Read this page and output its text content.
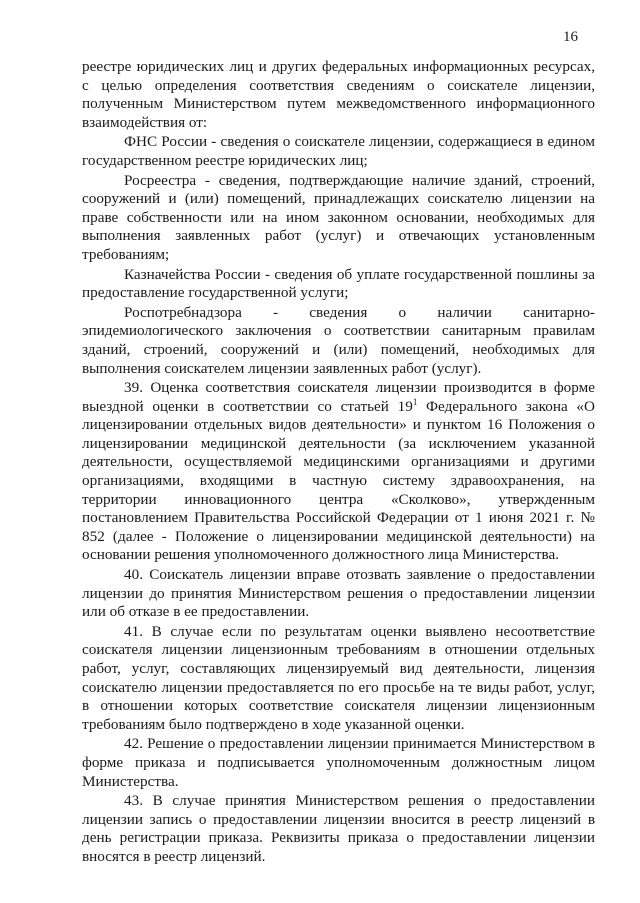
16

реестре юридических лиц и других федеральных информационных ресурсах, с целью определения соответствия сведениям о соискателе лицензии, полученным Министерством путем межведомственного информационного взаимодействия от:

ФНС России - сведения о соискателе лицензии, содержащиеся в едином государственном реестре юридических лиц;

Росреестра - сведения, подтверждающие наличие зданий, строений, сооружений и (или) помещений, принадлежащих соискателю лицензии на праве собственности или на ином законном основании, необходимых для выполнения заявленных работ (услуг) и отвечающих установленным требованиям;

Казначейства России - сведения об уплате государственной пошлины за предоставление государственной услуги;

Роспотребнадзора - сведения о наличии санитарно-эпидемиологического заключения о соответствии санитарным правилам зданий, строений, сооружений и (или) помещений, необходимых для выполнения соискателем лицензии заявленных работ (услуг).

39. Оценка соответствия соискателя лицензии производится в форме выездной оценки в соответствии со статьей $19^1$ Федерального закона «О лицензировании отдельных видов деятельности» и пунктом 16 Положения о лицензировании медицинской деятельности (за исключением указанной деятельности, осуществляемой медицинскими организациями и другими организациями, входящими в частную систему здравоохранения, на территории инновационного центра «Сколково», утвержденным постановлением Правительства Российской Федерации от 1 июня 2021 г. № 852 (далее - Положение о лицензировании медицинской деятельности) на основании решения уполномоченного должностного лица Министерства.

40. Соискатель лицензии вправе отозвать заявление о предоставлении лицензии до принятия Министерством решения о предоставлении лицензии или об отказе в ее предоставлении.

41. В случае если по результатам оценки выявлено несоответствие соискателя лицензии лицензионным требованиям в отношении отдельных работ, услуг, составляющих лицензируемый вид деятельности, лицензия соискателю лицензии предоставляется по его просьбе на те виды работ, услуг, в отношении которых соответствие соискателя лицензии лицензионным требованиям было подтверждено в ходе указанной оценки.

42. Решение о предоставлении лицензии принимается Министерством в форме приказа и подписывается уполномоченным должностным лицом Министерства.

43. В случае принятия Министерством решения о предоставлении лицензии запись о предоставлении лицензии вносится в реестр лицензий в день регистрации приказа. Реквизиты приказа о предоставлении лицензии вносятся в реестр лицензий.
